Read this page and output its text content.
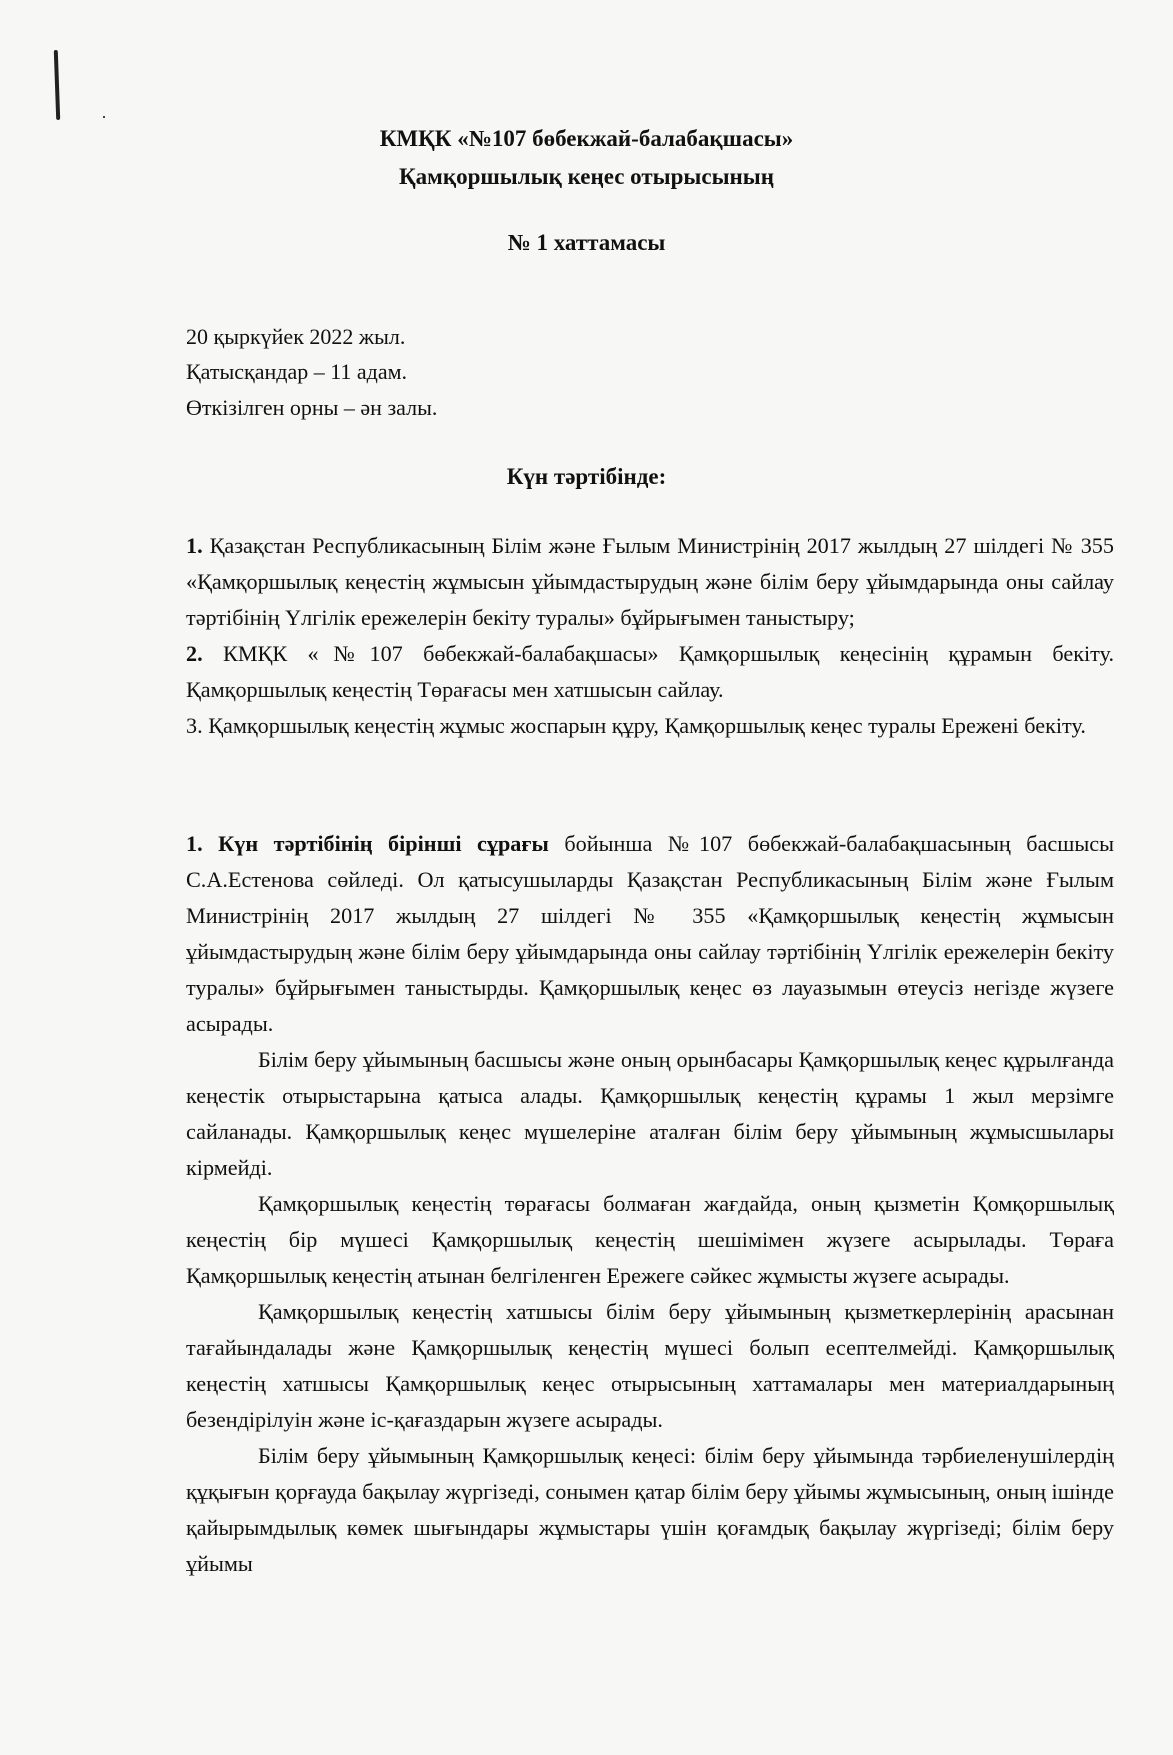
КМҚК «№107 бөбекжай-балабақшасы»
Қамқоршылық кеңес отырысының
№ 1 хаттамасы
20 қыркүйек 2022 жыл.
Қатысқандар – 11 адам.
Өткізілген орны – ән залы.
Күн тәртібінде:

1. Қазақстан Республикасының Білім және Ғылым Министрінің 2017 жылдың 27 шілдегі № 355 «Қамқоршылық кеңестің жұмысын ұйымдастырудың және білім беру ұйымдарында оны сайлау тәртібінің Үлгілік ережелерін бекіту туралы» бұйрығымен таныстыру;

2. КМҚК «№107 бөбекжай-балабақшасы» Қамқоршылық кеңесінің құрамын бекіту. Қамқоршылық кеңестің Төрағасы мен хатшысын сайлау.

3. Қамқоршылық кеңестің жұмыс жоспарын құру, Қамқоршылық кеңес туралы Ережені бекіту.

1. Күн тәртібінің бірінші сұрағы бойынша №107 бөбекжай-балабақшасының басшысы С.А.Естенова сөйледі. Ол қатысушыларды Қазақстан Республикасының Білім және Ғылым Министрінің 2017 жылдың 27 шілдегі № 355 «Қамқоршылық кеңестің жұмысын ұйымдастырудың және білім беру ұйымдарында оны сайлау тәртібінің Үлгілік ережелерін бекіту туралы» бұйрығымен таныстырды. Қамқоршылық кеңес өз лауазымын өтеусіз негізде жүзеге асырады.

Білім беру ұйымының басшысы және оның орынбасары Қамқоршылық кеңес құрылғанда кеңестік отырыстарына қатыса алады. Қамқоршылық кеңестің құрамы 1 жыл мерзімге сайланады. Қамқоршылық кеңес мүшелеріне аталған білім беру ұйымының жұмысшылары кірмейді.

Қамқоршылық кеңестің төрағасы болмаған жағдайда, оның қызметін Қомқоршылық кеңестің бір мүшесі Қамқоршылық кеңестің шешімімен жүзеге асырылады. Төраға Қамқоршылық кеңестің атынан белгіленген Ережеге сәйкес жұмысты жүзеге асырады.

Қамқоршылық кеңестің хатшысы білім беру ұйымының қызметкерлерінің арасынан тағайындалады және Қамқоршылық кеңестің мүшесі болып есептелмейді. Қамқоршылық кеңестің хатшысы Қамқоршылық кеңес отырысының хаттамалары мен материалдарының безендірілуін және іс-қағаздарын жүзеге асырады.

Білім беру ұйымының Қамқоршылық кеңесі: білім беру ұйымында тәрбиеленушілердің құқығын қорғауда бақылау жүргізеді, сонымен қатар білім беру ұйымы жұмысының, оның ішінде қайырымдылық көмек шығындары жұмыстары үшін қоғамдық бақылау жүргізеді; білім беру ұйымы
